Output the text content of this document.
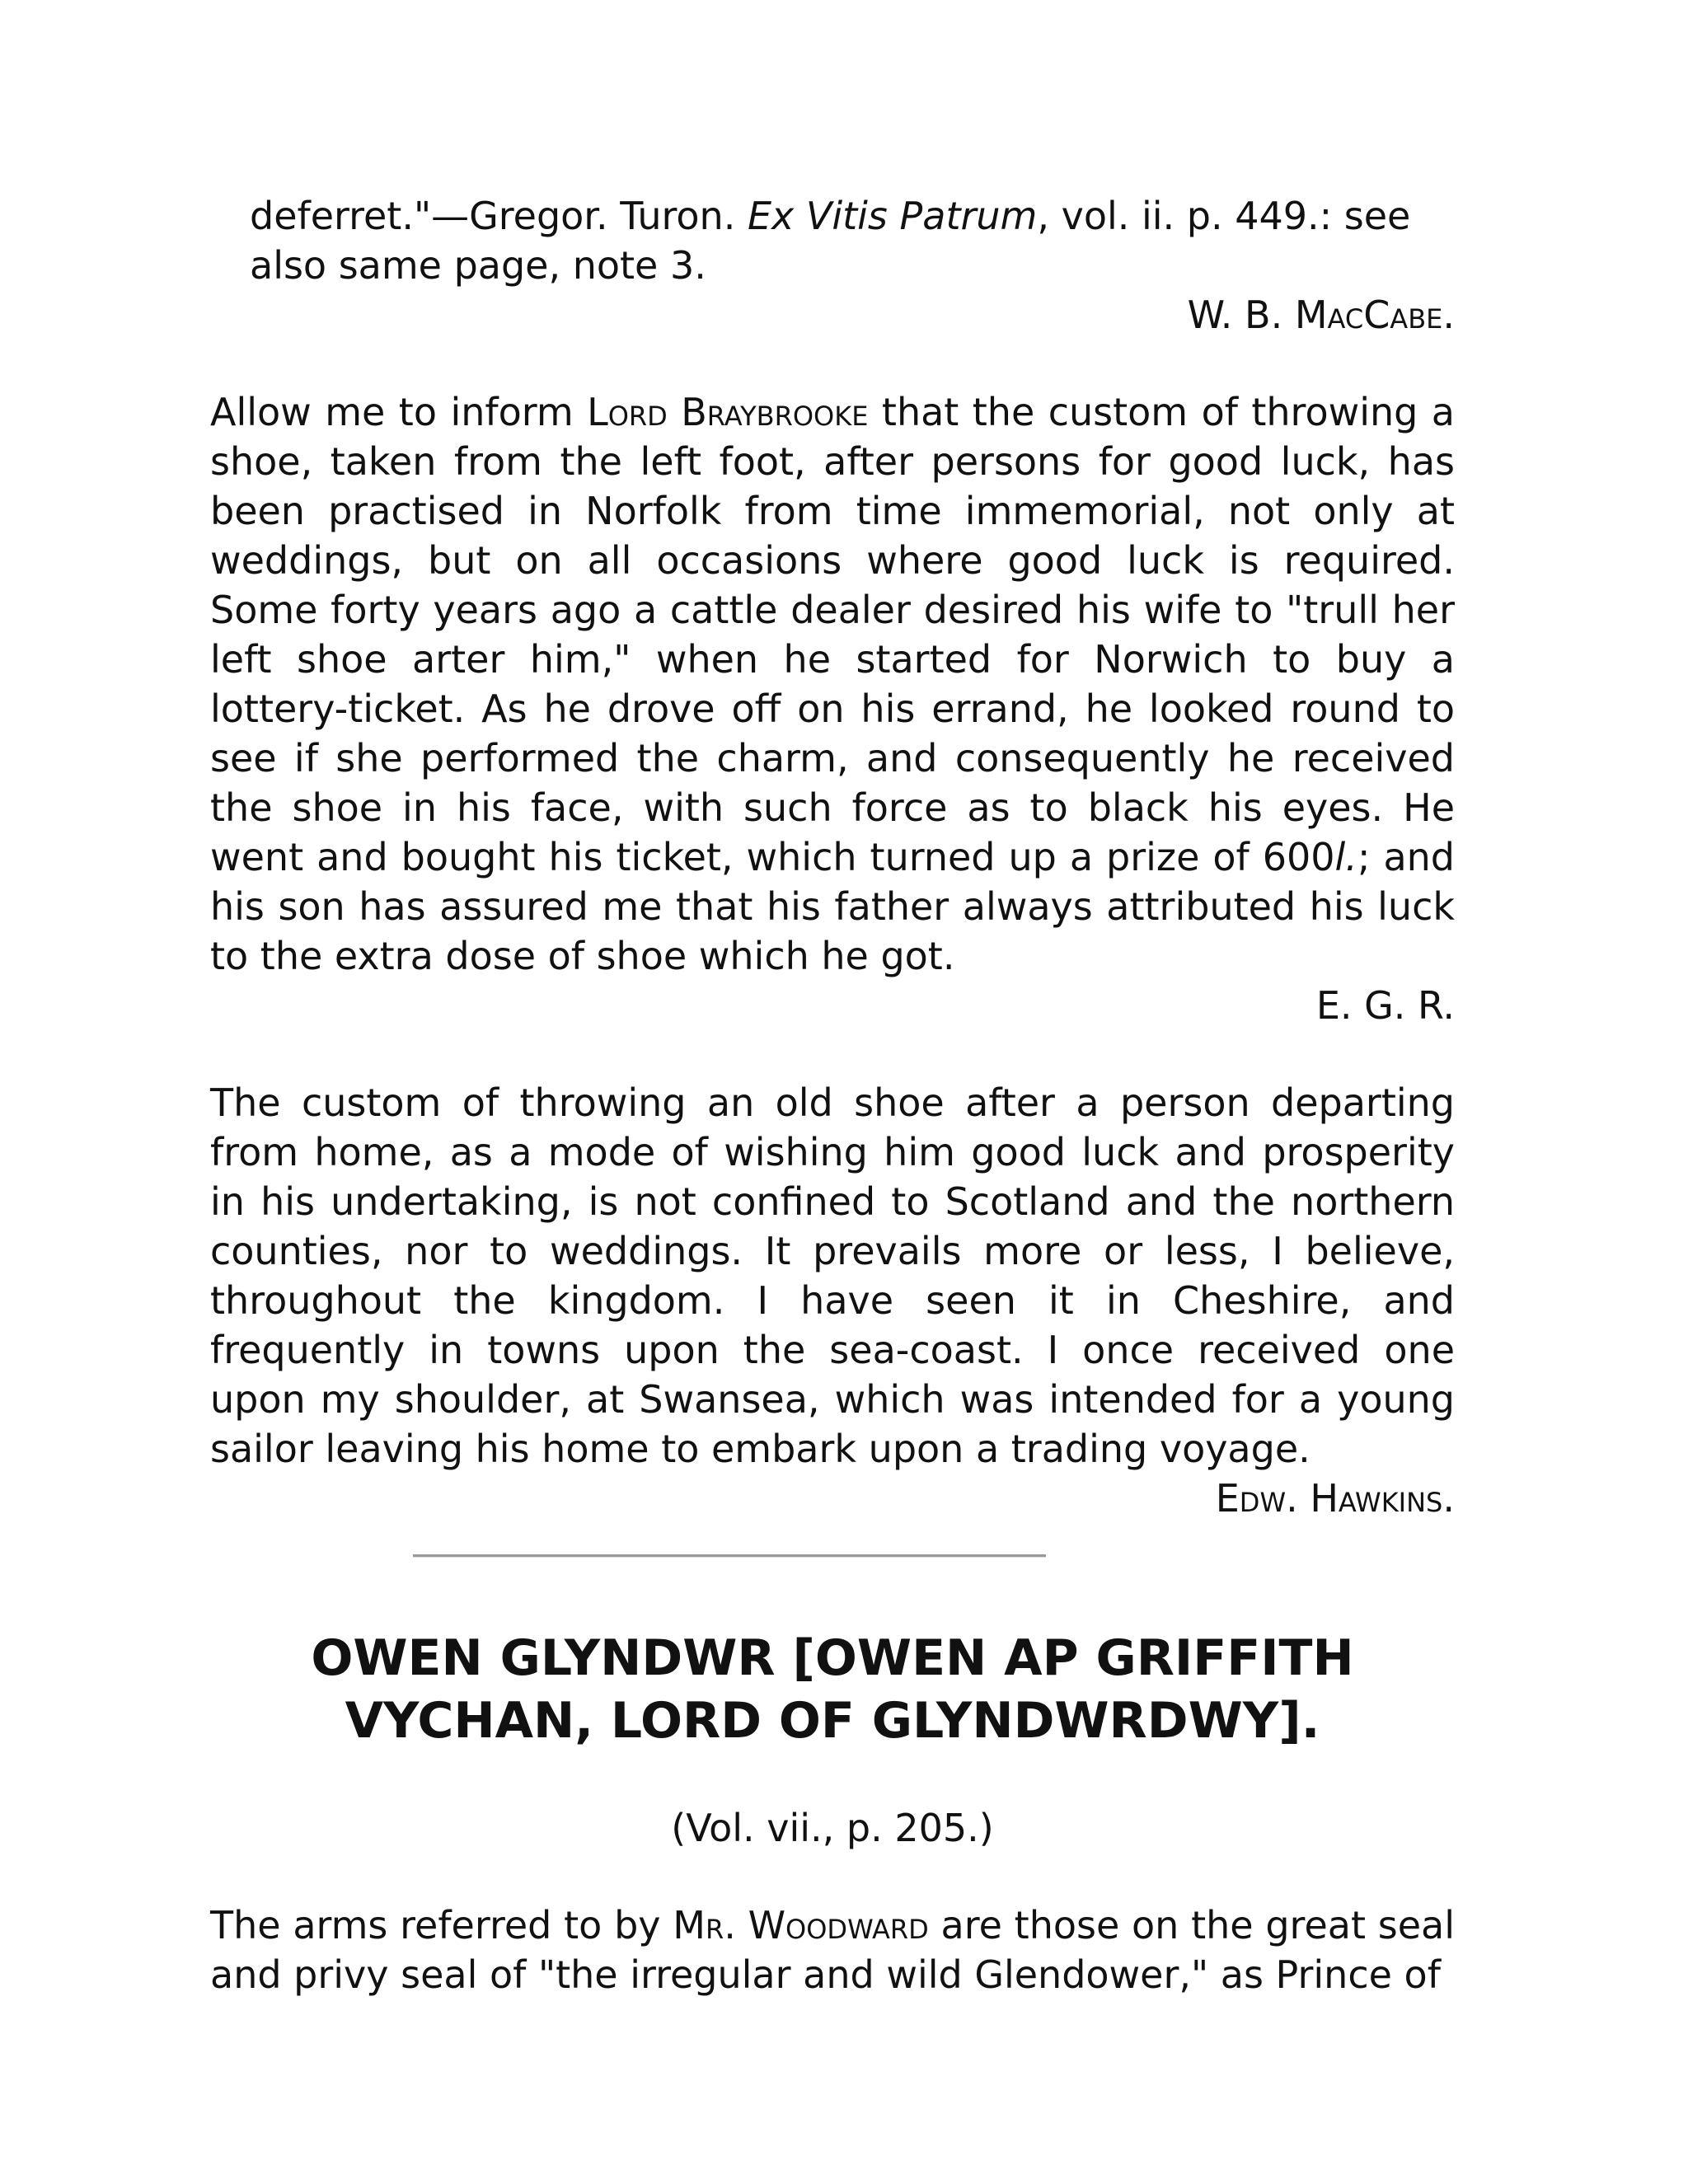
deferret."—Gregor. Turon. Ex Vitis Patrum, vol. ii. p. 449.: see also same page, note 3.

W. B. MacCabe.

Allow me to inform Lord Braybrooke that the custom of throwing a shoe, taken from the left foot, after persons for good luck, has been practised in Norfolk from time immemorial, not only at weddings, but on all occasions where good luck is required. Some forty years ago a cattle dealer desired his wife to "trull her left shoe arter him," when he started for Norwich to buy a lottery-ticket. As he drove off on his errand, he looked round to see if she performed the charm, and consequently he received the shoe in his face, with such force as to black his eyes. He went and bought his ticket, which turned up a prize of 600l.; and his son has assured me that his father always attributed his luck to the extra dose of shoe which he got.

E. G. R.

The custom of throwing an old shoe after a person departing from home, as a mode of wishing him good luck and prosperity in his undertaking, is not confined to Scotland and the northern counties, nor to weddings. It prevails more or less, I believe, throughout the kingdom. I have seen it in Cheshire, and frequently in towns upon the sea-coast. I once received one upon my shoulder, at Swansea, which was intended for a young sailor leaving his home to embark upon a trading voyage.

Edw. Hawkins.

OWEN GLYNDWR [OWEN AP GRIFFITH
VYCHAN, LORD OF GLYNDWRDWY].

(Vol. vii., p. 205.)

The arms referred to by Mr. Woodward are those on the great seal and privy seal of "the irregular and wild Glendower," as Prince of
